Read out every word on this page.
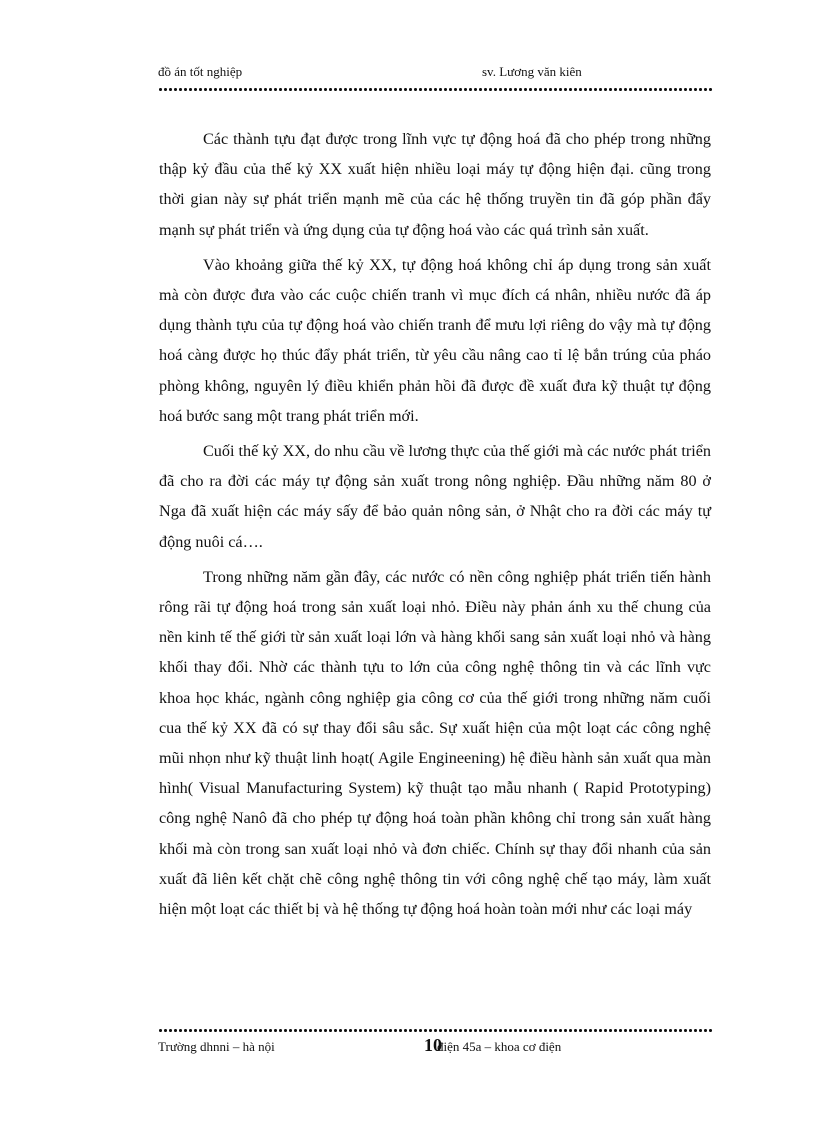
đồ án tốt nghiệp	sv. Lương văn kiên

Các thành tựu đạt được trong lĩnh vực tự động hoá đã cho phép trong những thập kỷ đầu của thế kỷ XX xuất hiện nhiều loại máy tự động hiện đại. cũng trong thời gian này sự phát triển mạnh mẽ của các hệ thống truyền tin đã góp phần đẩy mạnh sự phát triển và ứng dụng của tự động hoá vào các quá trình sản xuất.

Vào khoảng giữa thế kỷ XX, tự động hoá không chỉ áp dụng trong sản xuất mà còn được đưa vào các cuộc chiến tranh vì mục đích cá nhân, nhiều nước đã áp dụng thành tựu của tự động hoá vào chiến tranh để mưu lợi riêng do vậy mà tự động hoá càng được họ thúc đẩy phát triển, từ yêu cầu nâng cao tỉ lệ bắn trúng của pháo phòng không, nguyên lý điều khiển phản hồi đã được đề xuất đưa kỹ thuật tự động hoá bước sang một trang phát triển mới.

Cuối thế kỷ XX, do nhu cầu về lương thực của thế giới mà các nước phát triển đã cho ra đời các máy tự động sản xuất trong nông nghiệp. Đầu những năm 80 ở Nga đã xuất hiện các máy sấy để bảo quản nông sản, ở Nhật cho ra đời các máy tự động nuôi cá….

Trong những năm gần đây, các nước có nền công nghiệp phát triển tiến hành rông rãi tự động hoá trong sản xuất loại nhỏ. Điều này phản ánh xu thế chung của nền kinh tế thế giới từ sản xuất loại lớn và hàng khối sang sản xuất loại nhỏ và hàng khối thay đổi. Nhờ các thành tựu to lớn của công nghệ thông tin và các lĩnh vực khoa học khác, ngành công nghiệp gia công cơ của thế giới trong những năm cuối cua thế kỷ XX đã có sự thay đổi sâu sắc. Sự xuất hiện của một loạt các công nghệ mũi nhọn như kỹ thuật linh hoạt( Agile Engineening) hệ điều hành sản xuất qua màn hình( Visual Manufacturing System) kỹ thuật tạo mẫu nhanh ( Rapid Prototyping) công nghệ Nanô đã cho phép tự động hoá toàn phần không chỉ trong sản xuất hàng khối mà còn trong san xuất loại nhỏ và đơn chiếc. Chính sự thay đổi nhanh của sản xuất đã liên kết chặt chẽ công nghệ thông tin với công nghệ chế tạo máy, làm xuất hiện một loạt các thiết bị và hệ thống tự động hoá hoàn toàn mới như các loại máy

Trường dhnni – hà nội	10
điện 45a – khoa cơ điện
